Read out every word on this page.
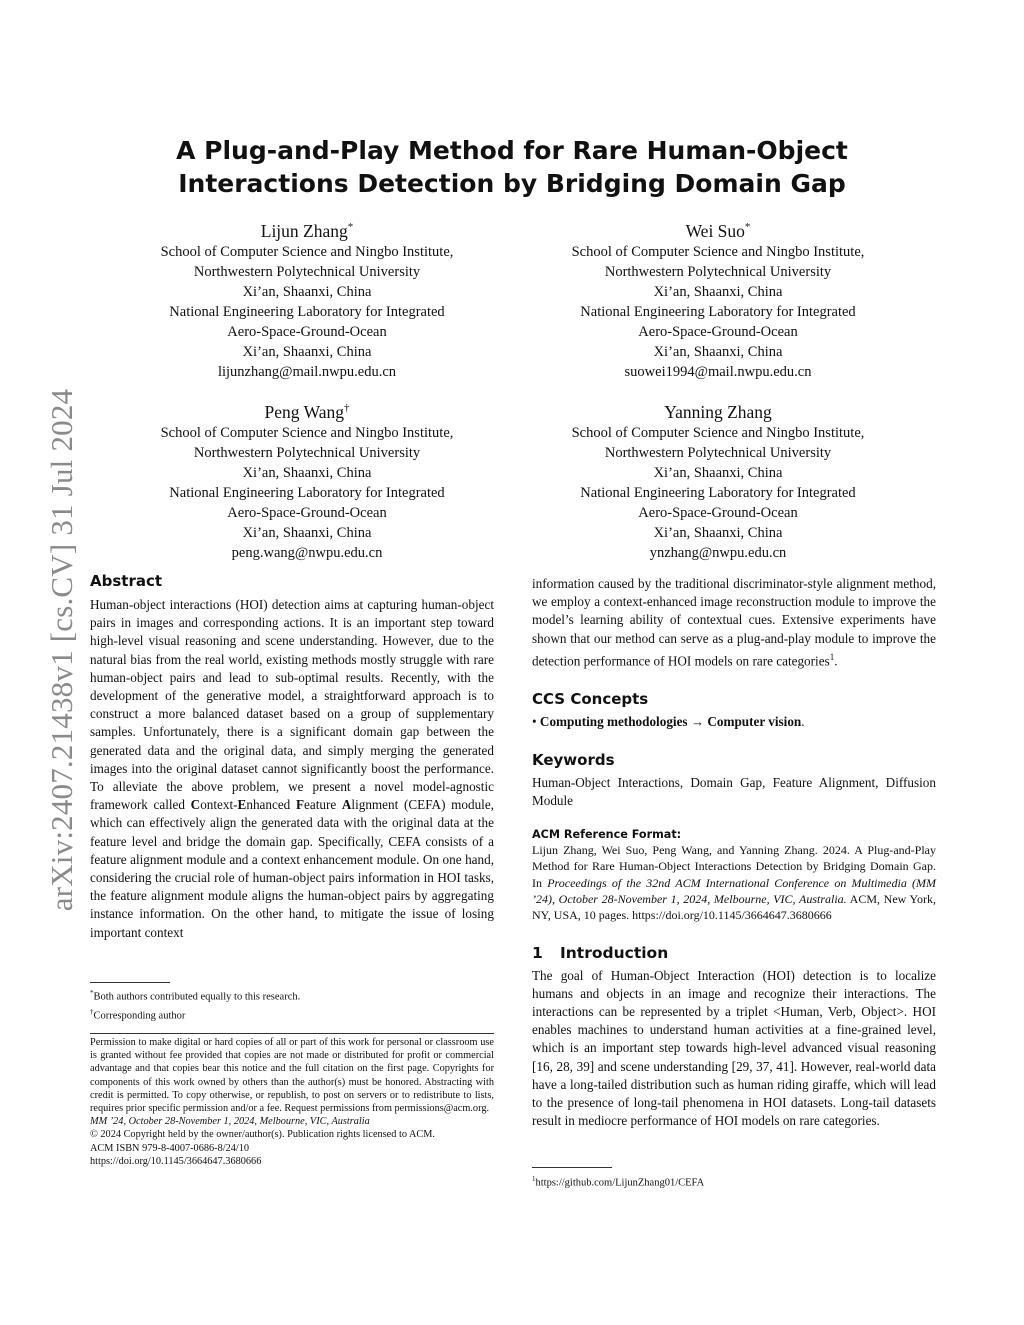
arXiv:2407.21438v1 [cs.CV] 31 Jul 2024
A Plug-and-Play Method for Rare Human-Object Interactions Detection by Bridging Domain Gap
Lijun Zhang*
School of Computer Science and Ningbo Institute,
Northwestern Polytechnical University
Xi’an, Shaanxi, China
National Engineering Laboratory for Integrated
Aero-Space-Ground-Ocean
Xi’an, Shaanxi, China
lijunzhang@mail.nwpu.edu.cn
Wei Suo*
School of Computer Science and Ningbo Institute,
Northwestern Polytechnical University
Xi’an, Shaanxi, China
National Engineering Laboratory for Integrated
Aero-Space-Ground-Ocean
Xi’an, Shaanxi, China
suowei1994@mail.nwpu.edu.cn
Peng Wang†
School of Computer Science and Ningbo Institute,
Northwestern Polytechnical University
Xi’an, Shaanxi, China
National Engineering Laboratory for Integrated
Aero-Space-Ground-Ocean
Xi’an, Shaanxi, China
peng.wang@nwpu.edu.cn
Yanning Zhang
School of Computer Science and Ningbo Institute,
Northwestern Polytechnical University
Xi’an, Shaanxi, China
National Engineering Laboratory for Integrated
Aero-Space-Ground-Ocean
Xi’an, Shaanxi, China
ynzhang@nwpu.edu.cn
Abstract

Human-object interactions (HOI) detection aims at capturing human-object pairs in images and corresponding actions. It is an important step toward high-level visual reasoning and scene understanding. However, due to the natural bias from the real world, existing methods mostly struggle with rare human-object pairs and lead to sub-optimal results. Recently, with the development of the generative model, a straightforward approach is to construct a more balanced dataset based on a group of supplementary samples. Unfortunately, there is a significant domain gap between the generated data and the original data, and simply merging the generated images into the original dataset cannot significantly boost the performance. To alleviate the above problem, we present a novel model-agnostic framework called Context-Enhanced Feature Alignment (CEFA) module, which can effectively align the generated data with the original data at the feature level and bridge the domain gap. Specifically, CEFA consists of a feature alignment module and a context enhancement module. On one hand, considering the crucial role of human-object pairs information in HOI tasks, the feature alignment module aligns the human-object pairs by aggregating instance information. On the other hand, to mitigate the issue of losing important context

*Both authors contributed equally to this research.
†Corresponding author

Permission to make digital or hard copies of all or part of this work for personal or classroom use is granted without fee provided that copies are not made or distributed for profit or commercial advantage and that copies bear this notice and the full citation on the first page. Copyrights for components of this work owned by others than the author(s) must be honored. Abstracting with credit is permitted. To copy otherwise, or republish, to post on servers or to redistribute to lists, requires prior specific permission and/or a fee. Request permissions from permissions@acm.org.

MM ’24, October 28-November 1, 2024, Melbourne, VIC, Australia
© 2024 Copyright held by the owner/author(s). Publication rights licensed to ACM.
ACM ISBN 979-8-4007-0686-8/24/10
https://doi.org/10.1145/3664647.3680666

information caused by the traditional discriminator-style alignment method, we employ a context-enhanced image reconstruction module to improve the model’s learning ability of contextual cues. Extensive experiments have shown that our method can serve as a plug-and-play module to improve the detection performance of HOI models on rare categories$^1$.

CCS Concepts
• Computing methodologies → Computer vision.
Keywords

Human-Object Interactions, Domain Gap, Feature Alignment, Diffusion Module

ACM Reference Format:

Lijun Zhang, Wei Suo, Peng Wang, and Yanning Zhang. 2024. A Plug-and-Play Method for Rare Human-Object Interactions Detection by Bridging Domain Gap. In Proceedings of the 32nd ACM International Conference on Multimedia (MM ’24), October 28-November 1, 2024, Melbourne, VIC, Australia. ACM, New York, NY, USA, 10 pages. https://doi.org/10.1145/3664647.3680666

1 Introduction

The goal of Human-Object Interaction (HOI) detection is to localize humans and objects in an image and recognize their interactions. The interactions can be represented by a triplet <Human, Verb, Object>. HOI enables machines to understand human activities at a fine-grained level, which is an important step towards high-level advanced visual reasoning [16, 28, 39] and scene understanding [29, 37, 41]. However, real-world data have a long-tailed distribution such as human riding giraffe, which will lead to the presence of long-tail phenomena in HOI datasets. Long-tail datasets result in mediocre performance of HOI models on rare categories.

$^1$https://github.com/LijunZhang01/CEFA
